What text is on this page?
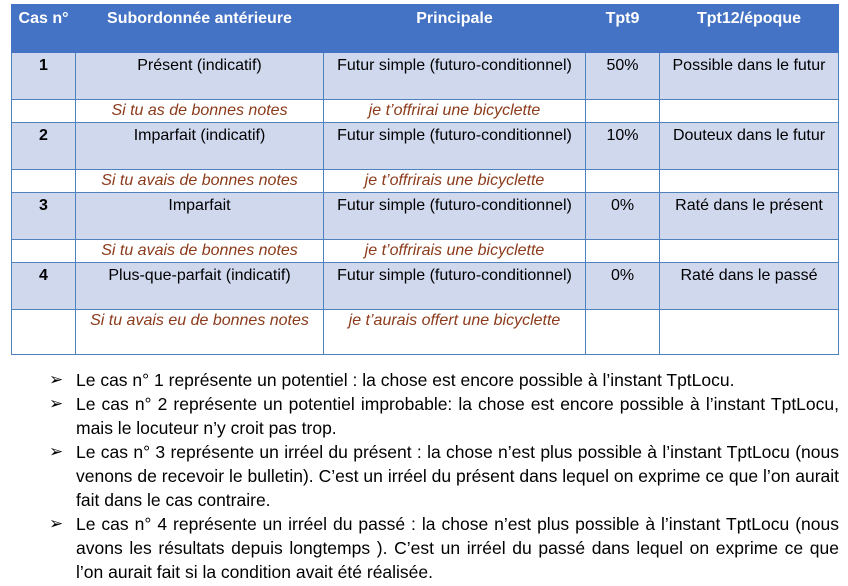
Cas n°	Subordonnée antérieure	Principale	Tpt9	Tpt12/époque
1	Présent (indicatif)	Futur simple (futuro-conditionnel)	50%	Possible dans le futur
	Si tu as de bonnes notes	je t’offrirai une bicyclette		
2	Imparfait (indicatif)	Futur simple (futuro-conditionnel)	10%	Douteux dans le futur
	Si tu avais de bonnes notes	je t’offrirais une bicyclette		
3	Imparfait	Futur simple (futuro-conditionnel)	0%	Raté dans le présent
	Si tu avais de bonnes notes	je t’offrirais une bicyclette		
4	Plus-que-parfait (indicatif)	Futur simple (futuro-conditionnel)	0%	Raté dans le passé
	Si tu avais eu de bonnes notes	je t’aurais offert une bicyclette		
➢ Le cas n° 1 représente un potentiel : la chose est encore possible à l’instant TptLocu.
➢ Le cas n° 2 représente un potentiel improbable: la chose est encore possible à l’instant TptLocu, mais le locuteur n’y croit pas trop.
➢ Le cas n° 3 représente un irréel du présent : la chose n’est plus possible à l’instant TptLocu (nous venons de recevoir le bulletin). C’est un irréel du présent dans lequel on exprime ce que l’on aurait fait dans le cas contraire.
➢ Le cas n° 4 représente un irréel du passé : la chose n’est plus possible à l’instant TptLocu (nous avons les résultats depuis longtemps ). C’est un irréel du passé dans lequel on exprime ce que l’on aurait fait si la condition avait été réalisée.
